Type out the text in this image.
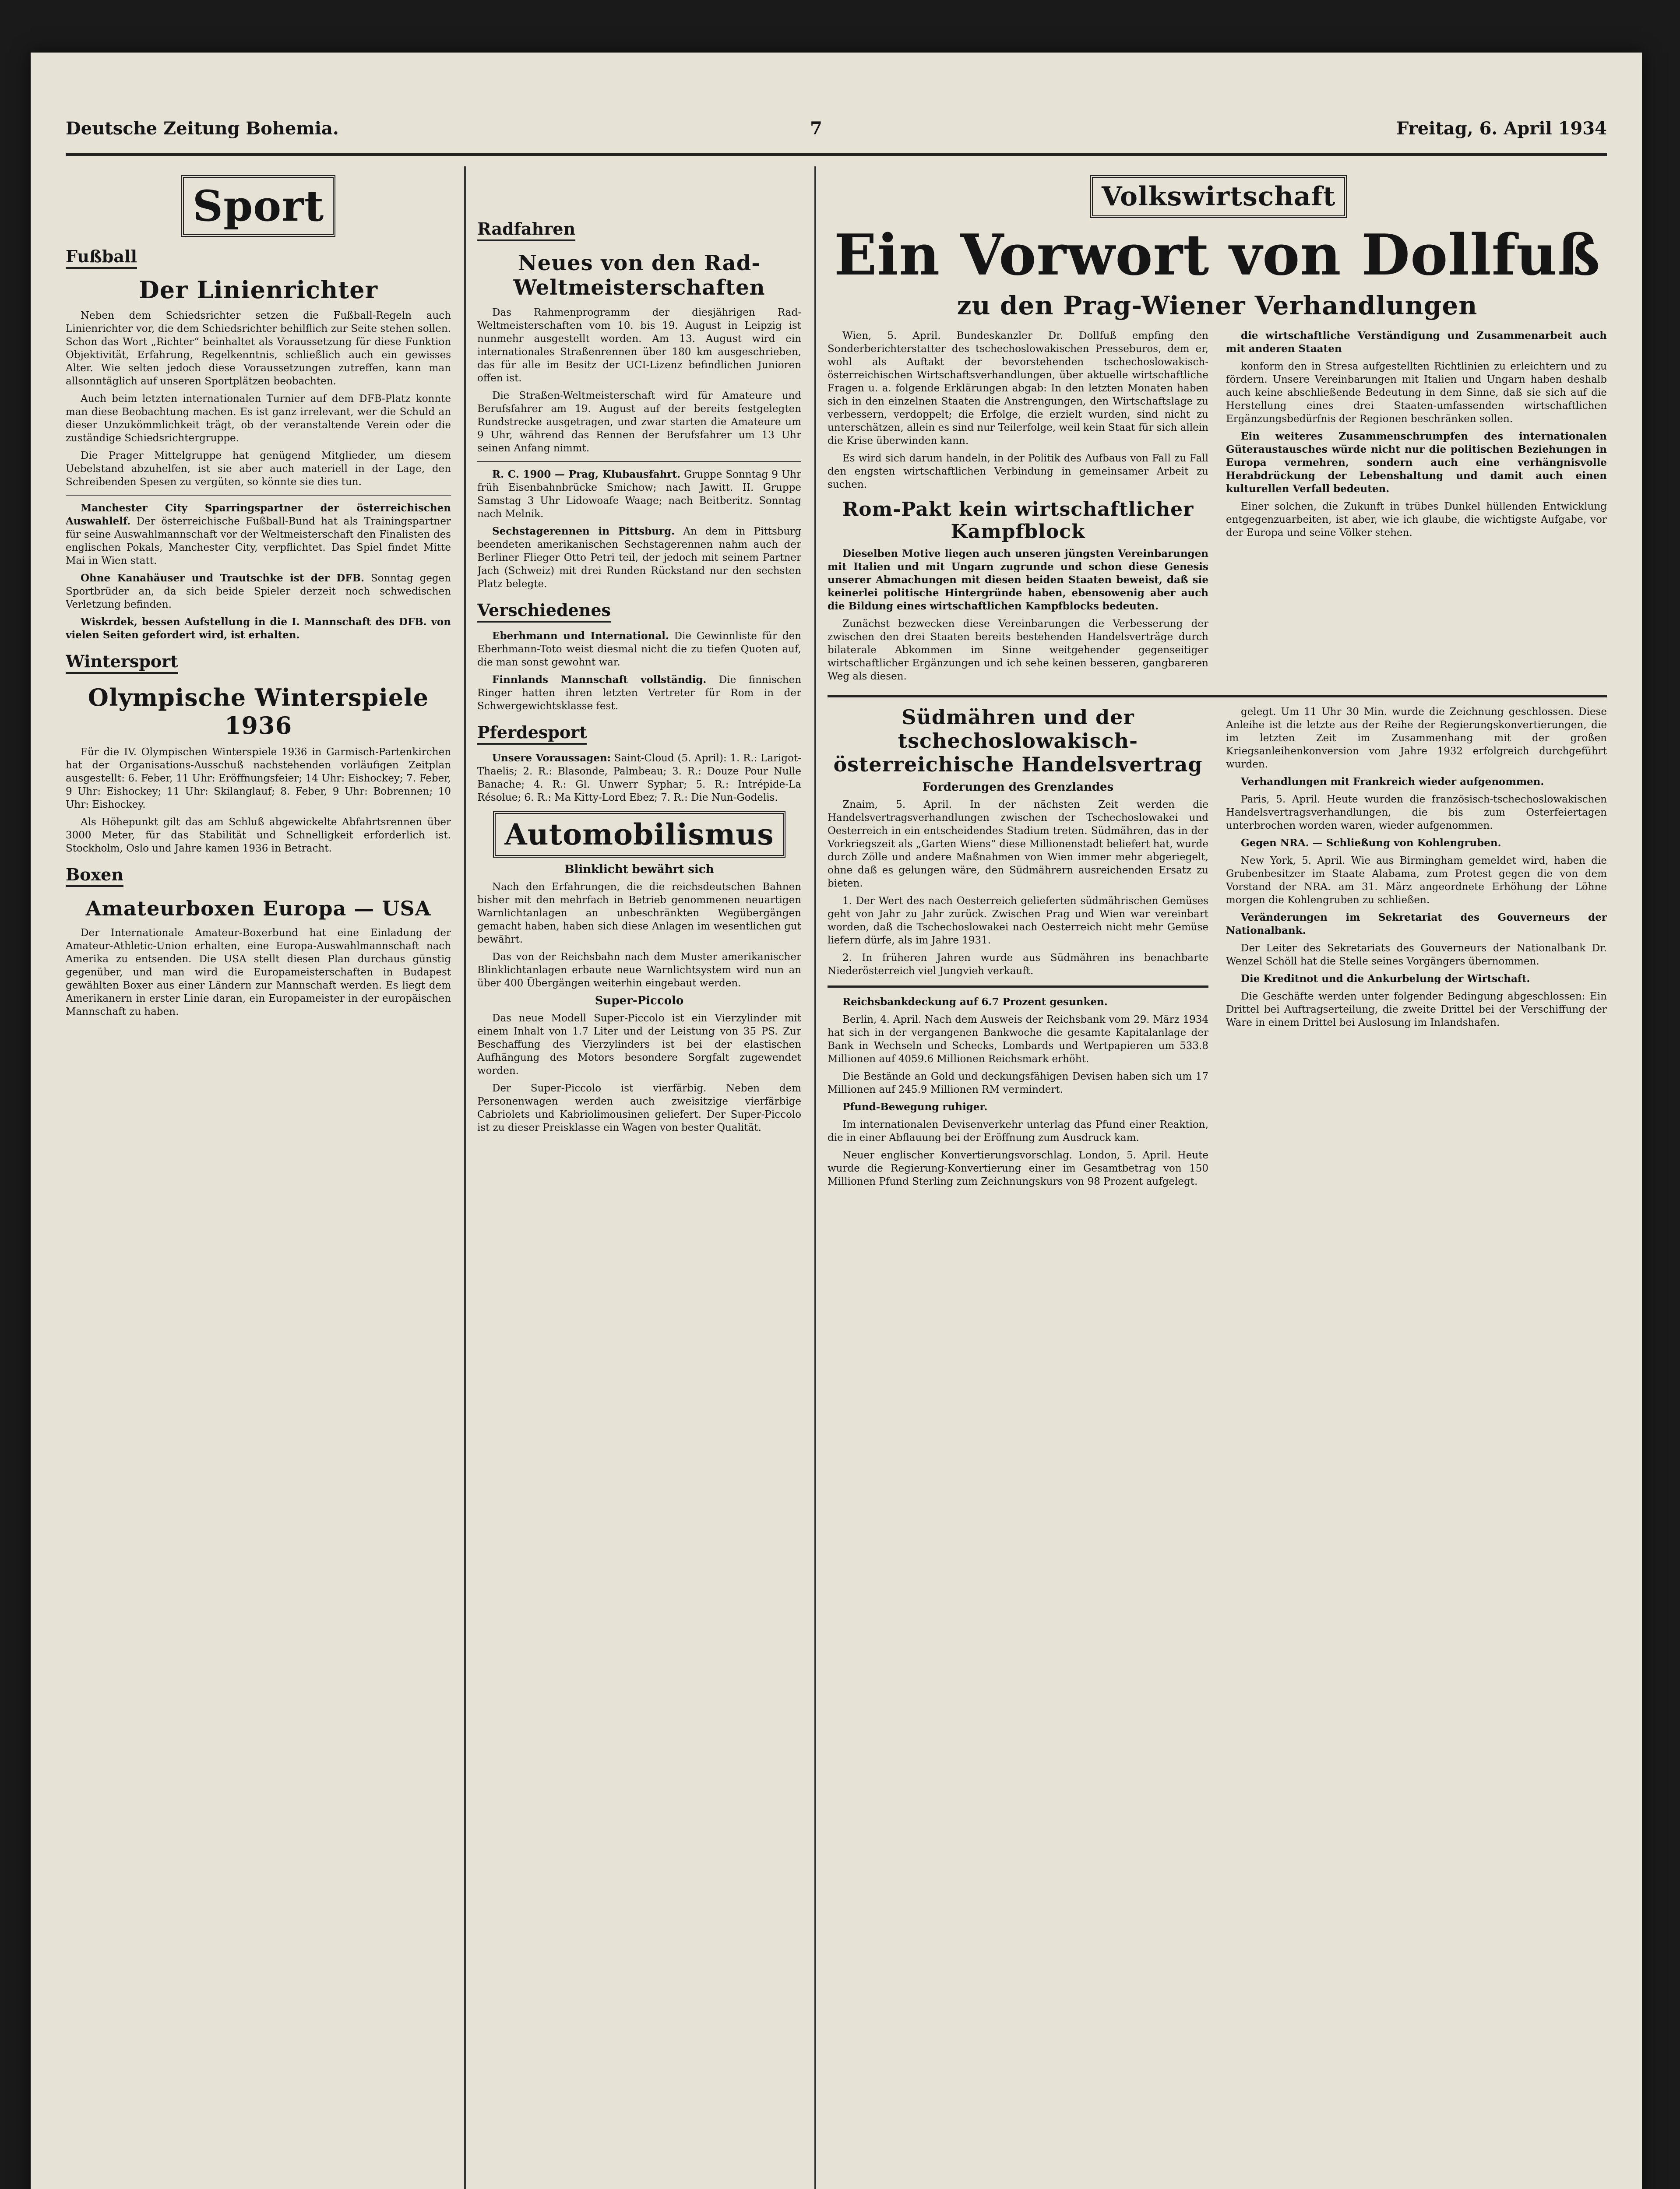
Deutsche Zeitung Bohemia.	7	Freitag, 6. April 1934
Sport
Fußball
Der Linienrichter

Neben dem Schiedsrichter setzen die Fußball-Regeln auch Linienrichter vor, die dem Schiedsrichter behilflich zur Seite stehen sollen. Schon das Wort „Richter“ beinhaltet als Voraussetzung für diese Funktion Objektivität, Erfahrung, Regelkenntnis, schließlich auch ein gewisses Alter. Wie selten jedoch diese Voraussetzungen zutreffen, kann man allsonntäglich auf unseren Sportplätzen beobachten.

Auch beim letzten internationalen Turnier auf dem DFB-Platz konnte man diese Beobachtung machen. Es ist ganz irrelevant, wer die Schuld an dieser Unzukömmlichkeit trägt, ob der veranstaltende Verein oder die zuständige Schiedsrichtergruppe.

Die Prager Mittelgruppe hat genügend Mitglieder, um diesem Uebelstand abzuhelfen, ist sie aber auch materiell in der Lage, den Schreibenden Spesen zu vergüten, so könnte sie dies tun.

Manchester City Sparringspartner der österreichischen Auswahlelf. Der österreichische Fußball-Bund hat als Trainingspartner für seine Auswahlmannschaft vor der Weltmeisterschaft den Finalisten des englischen Pokals, Manchester City, verpflichtet. Das Spiel findet Mitte Mai in Wien statt.

Ohne Kanahäuser und Trautschke ist der DFB. Sonntag gegen Sportbrüder an, da sich beide Spieler derzeit noch schwedischen Verletzung befinden.

Wiskrdek, bessen Aufstellung in die I. Mannschaft des DFB. von vielen Seiten gefordert wird, ist erhalten.

Wintersport
Olympische Winterspiele 1936

Für die IV. Olympischen Winterspiele 1936 in Garmisch-Partenkirchen hat der Organisations-Ausschuß nachstehenden vorläufigen Zeitplan ausgestellt: 6. Feber, 11 Uhr: Eröffnungsfeier; 14 Uhr: Eishockey; 7. Feber, 9 Uhr: Eishockey; 11 Uhr: Skilanglauf; 8. Feber, 9 Uhr: Bobrennen; 10 Uhr: Eishockey.

Als Höhepunkt gilt das am Schluß abgewickelte Abfahrtsrennen über 3000 Meter, für das Stabilität und Schnelligkeit erforderlich ist. Stockholm, Oslo und Jahre kamen 1936 in Betracht.

Boxen
Amateurboxen Europa — USA

Der Internationale Amateur-Boxerbund hat eine Einladung der Amateur-Athletic-Union erhalten, eine Europa-Auswahlmannschaft nach Amerika zu entsenden. Die USA stellt diesen Plan durchaus günstig gegenüber, und man wird die Europameisterschaften in Budapest gewählten Boxer aus einer Ländern zur Mannschaft werden. Es liegt dem Amerikanern in erster Linie daran, ein Europameister in der europäischen Mannschaft zu haben.

Radfahren
Neues von den Rad-Weltmeisterschaften

Das Rahmenprogramm der diesjährigen Rad-Weltmeisterschaften vom 10. bis 19. August in Leipzig ist nunmehr ausgestellt worden. Am 13. August wird ein internationales Straßenrennen über 180 km ausgeschrieben, das für alle im Besitz der UCI-Lizenz befindlichen Junioren offen ist.

Die Straßen-Weltmeisterschaft wird für Amateure und Berufsfahrer am 19. August auf der bereits festgelegten Rundstrecke ausgetragen, und zwar starten die Amateure um 9 Uhr, während das Rennen der Berufsfahrer um 13 Uhr seinen Anfang nimmt.

R. C. 1900 — Prag, Klubausfahrt. Gruppe Sonntag 9 Uhr früh Eisenbahnbrücke Smichow; nach Jawitt. II. Gruppe Samstag 3 Uhr Lidowoafe Waage; nach Beitberitz. Sonntag nach Melnik.

Sechstagerennen in Pittsburg. An dem in Pittsburg beendeten amerikanischen Sechstagerennen nahm auch der Berliner Flieger Otto Petri teil, der jedoch mit seinem Partner Jach (Schweiz) mit drei Runden Rückstand nur den sechsten Platz belegte.

Verschiedenes

Eberhmann und International. Die Gewinnliste für den Eberhmann-Toto weist diesmal nicht die zu tiefen Quoten auf, die man sonst gewohnt war.

Finnlands Mannschaft vollständig. Die finnischen Ringer hatten ihren letzten Vertreter für Rom in der Schwergewichtsklasse fest.

Pferdesport

Unsere Voraussagen: Saint-Cloud (5. April): 1. R.: Larigot-Thaelis; 2. R.: Blasonde, Palmbeau; 3. R.: Douze Pour Nulle Banache; 4. R.: Gl. Unwerr Syphar; 5. R.: Intrépide-La Résolue; 6. R.: Ma Kitty-Lord Ebez; 7. R.: Die Nun-Godelis.

Automobilismus
Blinklicht bewährt sich

Nach den Erfahrungen, die die reichsdeutschen Bahnen bisher mit den mehrfach in Betrieb genommenen neuartigen Warnlichtanlagen an unbeschränkten Wegübergängen gemacht haben, haben sich diese Anlagen im wesentlichen gut bewährt.

Das von der Reichsbahn nach dem Muster amerikanischer Blinklichtanlagen erbaute neue Warnlichtsystem wird nun an über 400 Übergängen weiterhin eingebaut werden.

Super-Piccolo

Das neue Modell Super-Piccolo ist ein Vierzylinder mit einem Inhalt von 1.7 Liter und der Leistung von 35 PS. Zur Beschaffung des Vierzylinders ist bei der elastischen Aufhängung des Motors besondere Sorgfalt zugewendet worden.

Der Super-Piccolo ist vierfärbig. Neben dem Personenwagen werden auch zweisitzige vierfärbige Cabriolets und Kabriolimousinen geliefert. Der Super-Piccolo ist zu dieser Preisklasse ein Wagen von bester Qualität.

Volkswirtschaft
Ein Vorwort von Dollfuß
zu den Prag-Wiener Verhandlungen

Wien, 5. April. Bundeskanzler Dr. Dollfuß empfing den Sonderberichterstatter des tschechoslowakischen Presseburos, dem er, wohl als Auftakt der bevorstehenden tschechoslowakisch-österreichischen Wirtschaftsverhandlungen, über aktuelle wirtschaftliche Fragen u. a. folgende Erklärungen abgab: In den letzten Monaten haben sich in den einzelnen Staaten die Anstrengungen, den Wirtschaftslage zu verbessern, verdoppelt; die Erfolge, die erzielt wurden, sind nicht zu unterschätzen, allein es sind nur Teilerfolge, weil kein Staat für sich allein die Krise überwinden kann.

Es wird sich darum handeln, in der Politik des Aufbaus von Fall zu Fall den engsten wirtschaftlichen Verbindung in gemeinsamer Arbeit zu suchen.

Rom-Pakt kein wirtschaftlicher Kampfblock

Dieselben Motive liegen auch unseren jüngsten Vereinbarungen mit Italien und mit Ungarn zugrunde und schon diese Genesis unserer Abmachungen mit diesen beiden Staaten beweist, daß sie keinerlei politische Hintergründe haben, ebensowenig aber auch die Bildung eines wirtschaftlichen Kampfblocks bedeuten.

Zunächst bezwecken diese Vereinbarungen die Verbesserung der zwischen den drei Staaten bereits bestehenden Handelsverträge durch bilaterale Abkommen im Sinne weitgehender gegenseitiger wirtschaftlicher Ergänzungen und ich sehe keinen besseren, gangbareren Weg als diesen.

die wirtschaftliche Verständigung und Zusammenarbeit auch mit anderen Staaten

konform den in Stresa aufgestellten Richtlinien zu erleichtern und zu fördern. Unsere Vereinbarungen mit Italien und Ungarn haben deshalb auch keine abschließende Bedeutung in dem Sinne, daß sie sich auf die Herstellung eines drei Staaten-umfassenden wirtschaftlichen Ergänzungsbedürfnis der Regionen beschränken sollen.

Ein weiteres Zusammenschrumpfen des internationalen Güteraustausches würde nicht nur die politischen Beziehungen in Europa vermehren, sondern auch eine verhängnisvolle Herabdrückung der Lebenshaltung und damit auch einen kulturellen Verfall bedeuten.

Einer solchen, die Zukunft in trübes Dunkel hüllenden Entwicklung entgegenzuarbeiten, ist aber, wie ich glaube, die wichtigste Aufgabe, vor der Europa und seine Völker stehen.

Südmähren und der tschechoslowakisch-österreichische Handelsvertrag
Forderungen des Grenzlandes

Znaim, 5. April. In der nächsten Zeit werden die Handelsvertragsverhandlungen zwischen der Tschechoslowakei und Oesterreich in ein entscheidendes Stadium treten. Südmähren, das in der Vorkriegszeit als „Garten Wiens“ diese Millionenstadt beliefert hat, wurde durch Zölle und andere Maßnahmen von Wien immer mehr abgeriegelt, ohne daß es gelungen wäre, den Südmährern ausreichenden Ersatz zu bieten.

1. Der Wert des nach Oesterreich gelieferten südmährischen Gemüses geht von Jahr zu Jahr zurück. Zwischen Prag und Wien war vereinbart worden, daß die Tschechoslowakei nach Oesterreich nicht mehr Gemüse liefern dürfe, als im Jahre 1931.

2. In früheren Jahren wurde aus Südmähren ins benachbarte Niederösterreich viel Jungvieh verkauft.

Reichsbankdeckung auf 6.7 Prozent gesunken.

Berlin, 4. April. Nach dem Ausweis der Reichsbank vom 29. März 1934 hat sich in der vergangenen Bankwoche die gesamte Kapitalanlage der Bank in Wechseln und Schecks, Lombards und Wertpapieren um 533.8 Millionen auf 4059.6 Millionen Reichsmark erhöht.

Die Bestände an Gold und deckungsfähigen Devisen haben sich um 17 Millionen auf 245.9 Millionen RM vermindert.

Pfund-Bewegung ruhiger.

Im internationalen Devisenverkehr unterlag das Pfund einer Reaktion, die in einer Abflauung bei der Eröffnung zum Ausdruck kam.

Neuer englischer Konvertierungsvorschlag. London, 5. April. Heute wurde die Regierung-Konvertierung einer im Gesamtbetrag von 150 Millionen Pfund Sterling zum Zeichnungskurs von 98 Prozent aufgelegt.

gelegt. Um 11 Uhr 30 Min. wurde die Zeichnung geschlossen. Diese Anleihe ist die letzte aus der Reihe der Regierungskonvertierungen, die im letzten Zeit im Zusammenhang mit der großen Kriegsanleihenkonversion vom Jahre 1932 erfolgreich durchgeführt wurden.

Verhandlungen mit Frankreich wieder aufgenommen.

Paris, 5. April. Heute wurden die französisch-tschechoslowakischen Handelsvertragsverhandlungen, die bis zum Osterfeiertagen unterbrochen worden waren, wieder aufgenommen.

Gegen NRA. — Schließung von Kohlengruben.

New York, 5. April. Wie aus Birmingham gemeldet wird, haben die Grubenbesitzer im Staate Alabama, zum Protest gegen die von dem Vorstand der NRA. am 31. März angeordnete Erhöhung der Löhne morgen die Kohlengruben zu schließen.

Veränderungen im Sekretariat des Gouverneurs der Nationalbank.

Der Leiter des Sekretariats des Gouverneurs der Nationalbank Dr. Wenzel Schöll hat die Stelle seines Vorgängers übernommen.

Die Kreditnot und die Ankurbelung der Wirtschaft.

Die Geschäfte werden unter folgender Bedingung abgeschlossen: Ein Drittel bei Auftragserteilung, die zweite Drittel bei der Verschiffung der Ware in einem Drittel bei Auslosung im Inlandshafen.
